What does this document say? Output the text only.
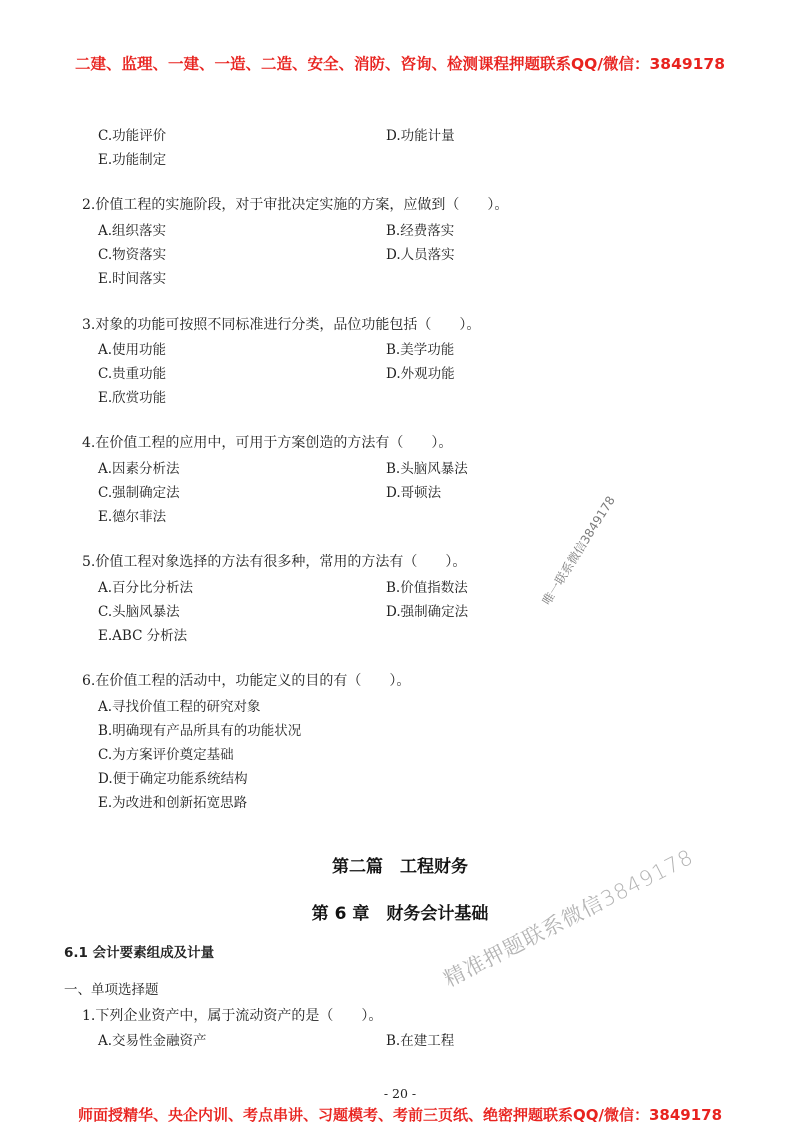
二建、监理、一建、一造、二造、安全、消防、咨询、检测课程押题联系QQ/微信：3849178
C.功能评价	D.功能计量
E.功能制定
2.价值工程的实施阶段，对于审批决定实施的方案，应做到（　　）。
A.组织落实	B.经费落实
C.物资落实	D.人员落实
E.时间落实
3.对象的功能可按照不同标准进行分类，品位功能包括（　　）。
A.使用功能	B.美学功能
C.贵重功能	D.外观功能
E.欣赏功能
4.在价值工程的应用中，可用于方案创造的方法有（　　）。
A.因素分析法	B.头脑风暴法
C.强制确定法	D.哥顿法
E.德尔菲法
5.价值工程对象选择的方法有很多种，常用的方法有（　　）。
A.百分比分析法	B.价值指数法
C.头脑风暴法	D.强制确定法
E.ABC 分析法
6.在价值工程的活动中，功能定义的目的有（　　）。
A.寻找价值工程的研究对象
B.明确现有产品所具有的功能状况
C.为方案评价奠定基础
D.便于确定功能系统结构
E.为改进和创新拓宽思路
第二篇　工程财务
第 6 章　财务会计基础
6.1 会计要素组成及计量
一、单项选择题
1.下列企业资产中，属于流动资产的是（　　）。
A.交易性金融资产	B.在建工程
唯一联系微信3849178
精准押题联系微信3849178
- 20 -
师面授精华、央企内训、考点串讲、习题模考、考前三页纸、绝密押题联系QQ/微信：3849178
